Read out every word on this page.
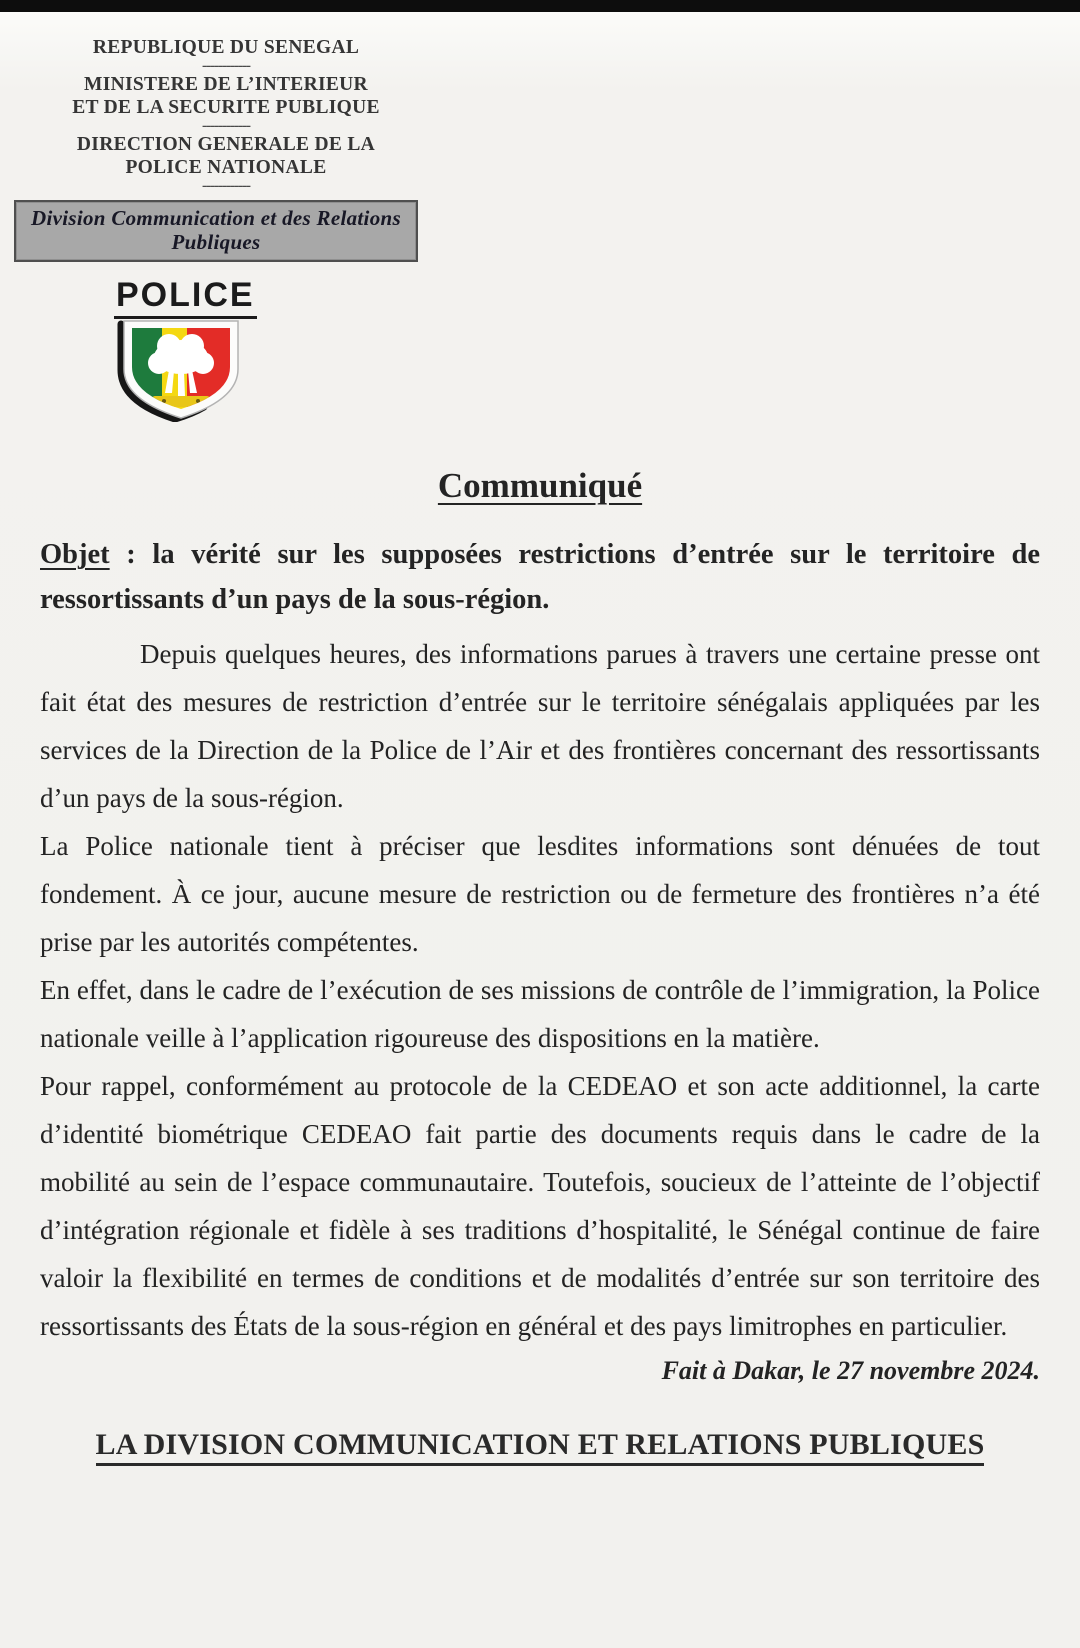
REPUBLIQUE DU SENEGAL
------------
MINISTERE DE L’INTERIEUR
ET DE LA SECURITE PUBLIQUE
------------
DIRECTION GENERALE DE LA
POLICE NATIONALE
------------
Division Communication et des Relations Publiques
POLICE
Communiqué
Objet : la vérité sur les supposées restrictions d’entrée sur le territoire de ressortissants d’un pays de la sous-région.

Depuis quelques heures, des informations parues à travers une certaine presse ont fait état des mesures de restriction d’entrée sur le territoire sénégalais appliquées par les services de la Direction de la Police de l’Air et des frontières concernant des ressortissants d’un pays de la sous-région.

La Police nationale tient à préciser que lesdites informations sont dénuées de tout fondement. À ce jour, aucune mesure de restriction ou de fermeture des frontières n’a été prise par les autorités compétentes.

En effet, dans le cadre de l’exécution de ses missions de contrôle de l’immigration, la Police nationale veille à l’application rigoureuse des dispositions en la matière.

Pour rappel, conformément au protocole de la CEDEAO et son acte additionnel, la carte d’identité biométrique CEDEAO fait partie des documents requis dans le cadre de la mobilité au sein de l’espace communautaire. Toutefois, soucieux de l’atteinte de l’objectif d’intégration régionale et fidèle à ses traditions d’hospitalité, le Sénégal continue de faire valoir la flexibilité en termes de conditions et de modalités d’entrée sur son territoire des ressortissants des États de la sous-région en général et des pays limitrophes en particulier.

Fait à Dakar, le 27 novembre 2024.
LA DIVISION COMMUNICATION ET RELATIONS PUBLIQUES
